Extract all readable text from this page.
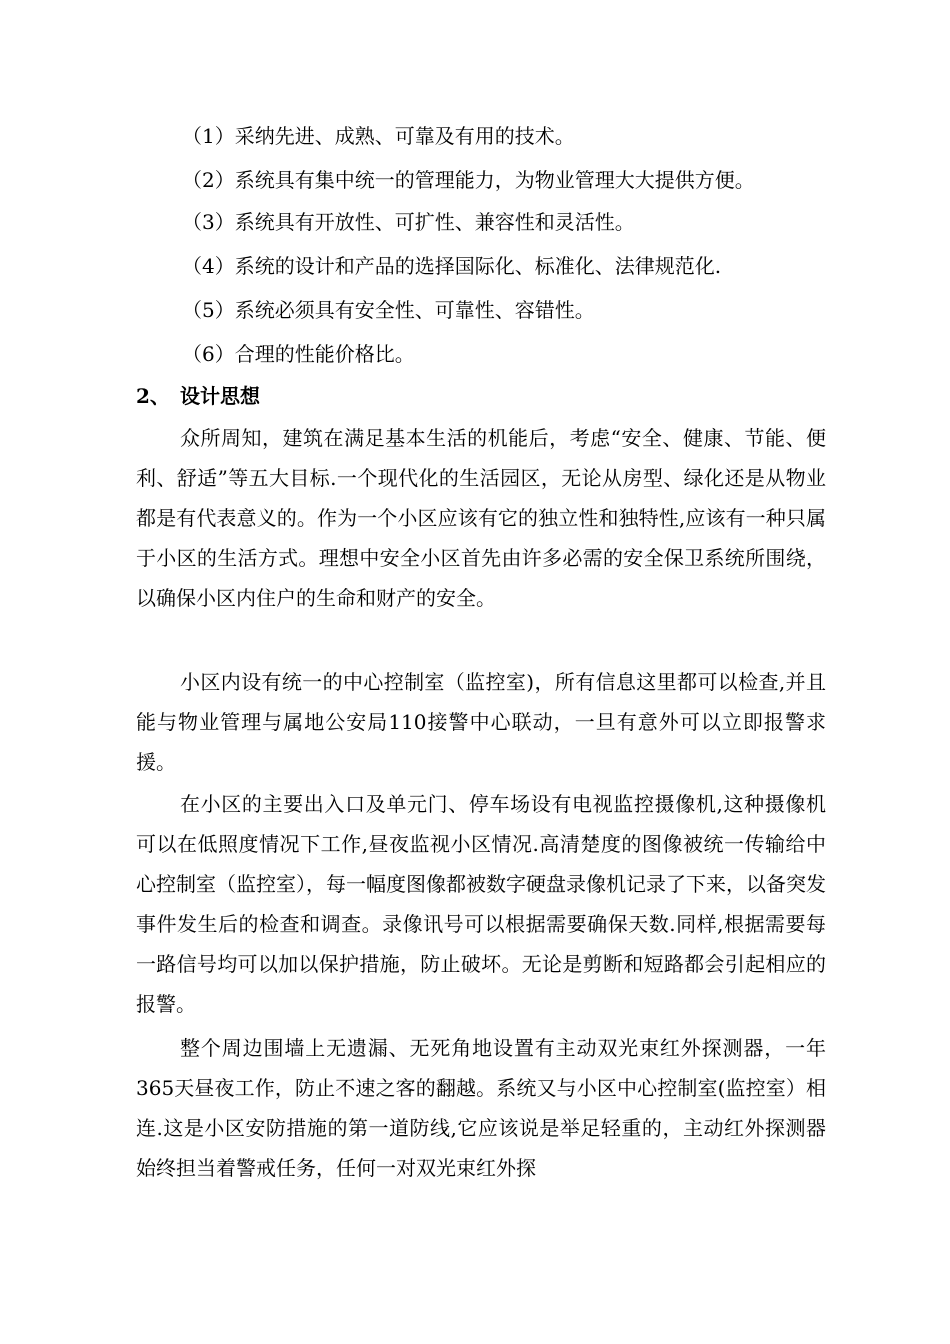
（1）采纳先进、成熟、可靠及有用的技术。
（2）系统具有集中统一的管理能力，为物业管理大大提供方便。
（3）系统具有开放性、可扩性、兼容性和灵活性。
（4）系统的设计和产品的选择国际化、标准化、法律规范化.
（5）系统必须具有安全性、可靠性、容错性。
（6）合理的性能价格比。
2、 设计思想

众所周知，建筑在满足基本生活的机能后，考虑“安全、健康、节能、便利、舒适”等五大目标.一个现代化的生活园区，无论从房型、绿化还是从物业都是有代表意义的。作为一个小区应该有它的独立性和独特性,应该有一种只属于小区的生活方式。理想中安全小区首先由许多必需的安全保卫系统所围绕，以确保小区内住户的生命和财产的安全。

小区内设有统一的中心控制室（监控室)，所有信息这里都可以检查,并且能与物业管理与属地公安局110接警中心联动，一旦有意外可以立即报警求援。

在小区的主要出入口及单元门、停车场设有电视监控摄像机,这种摄像机可以在低照度情况下工作,昼夜监视小区情况.高清楚度的图像被统一传输给中心控制室（监控室），每一幅度图像都被数字硬盘录像机记录了下来，以备突发事件发生后的检查和调查。录像讯号可以根据需要确保天数.同样,根据需要每一路信号均可以加以保护措施，防止破坏。无论是剪断和短路都会引起相应的报警。

整个周边围墙上无遗漏、无死角地设置有主动双光束红外探测器，一年365天昼夜工作，防止不速之客的翻越。系统又与小区中心控制室(监控室）相连.这是小区安防措施的第一道防线,它应该说是举足轻重的，主动红外探测器始终担当着警戒任务，任何一对双光束红外探
